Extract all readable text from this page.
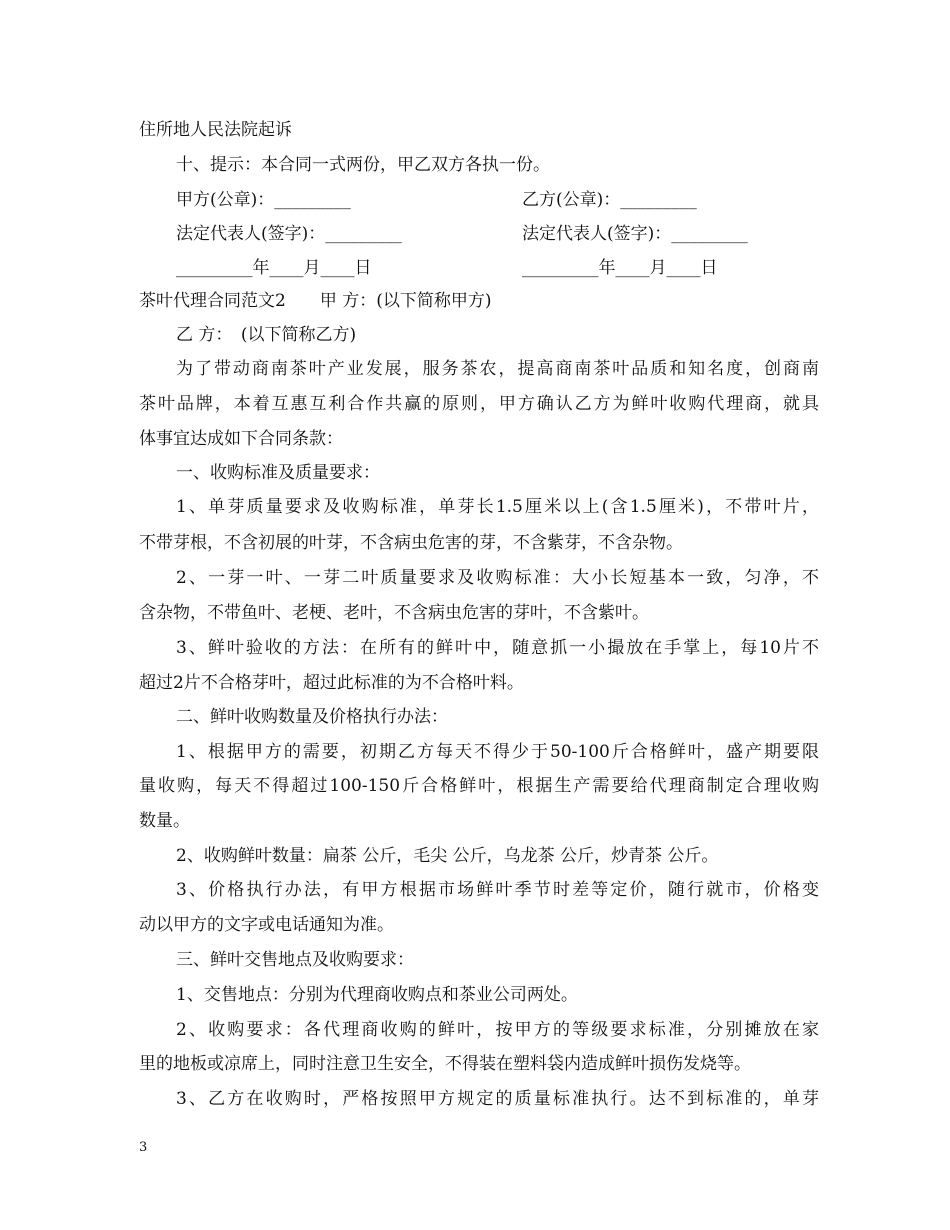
住所地人民法院起诉
十、提示：本合同一式两份，甲乙双方各执一份。
甲方(公章)：_________	乙方(公章)：_________
法定代表人(签字)：_________	法定代表人(签字)：_________
_________年____月____日	_________年____月____日
茶叶代理合同范文2　　甲 方：(以下简称甲方)
乙 方：　(以下简称乙方)
为了带动商南茶叶产业发展，服务茶农，提高商南茶叶品质和知名度，创商南
茶叶品牌，本着互惠互利合作共赢的原则，甲方确认乙方为鲜叶收购代理商，就具
体事宜达成如下合同条款：
一、收购标准及质量要求：
1、单芽质量要求及收购标准，单芽长1.5厘米以上(含1.5厘米)，不带叶片，
不带芽根，不含初展的叶芽，不含病虫危害的芽，不含紫芽，不含杂物。
2、一芽一叶、一芽二叶质量要求及收购标准：大小长短基本一致，匀净，不
含杂物，不带鱼叶、老梗、老叶，不含病虫危害的芽叶，不含紫叶。
3、鲜叶验收的方法：在所有的鲜叶中，随意抓一小撮放在手掌上，每10片不
超过2片不合格芽叶，超过此标准的为不合格叶料。
二、鲜叶收购数量及价格执行办法：
1、根据甲方的需要，初期乙方每天不得少于50-100斤合格鲜叶，盛产期要限
量收购，每天不得超过100-150斤合格鲜叶，根据生产需要给代理商制定合理收购
数量。
2、收购鲜叶数量：扁茶 公斤，毛尖 公斤，乌龙茶 公斤，炒青茶 公斤。
3、价格执行办法，有甲方根据市场鲜叶季节时差等定价，随行就市，价格变
动以甲方的文字或电话通知为准。
三、鲜叶交售地点及收购要求：
1、交售地点：分别为代理商收购点和茶业公司两处。
2、收购要求：各代理商收购的鲜叶，按甲方的等级要求标准，分别摊放在家
里的地板或凉席上，同时注意卫生安全，不得装在塑料袋内造成鲜叶损伤发烧等。
3、乙方在收购时，严格按照甲方规定的质量标准执行。达不到标准的，单芽
3
